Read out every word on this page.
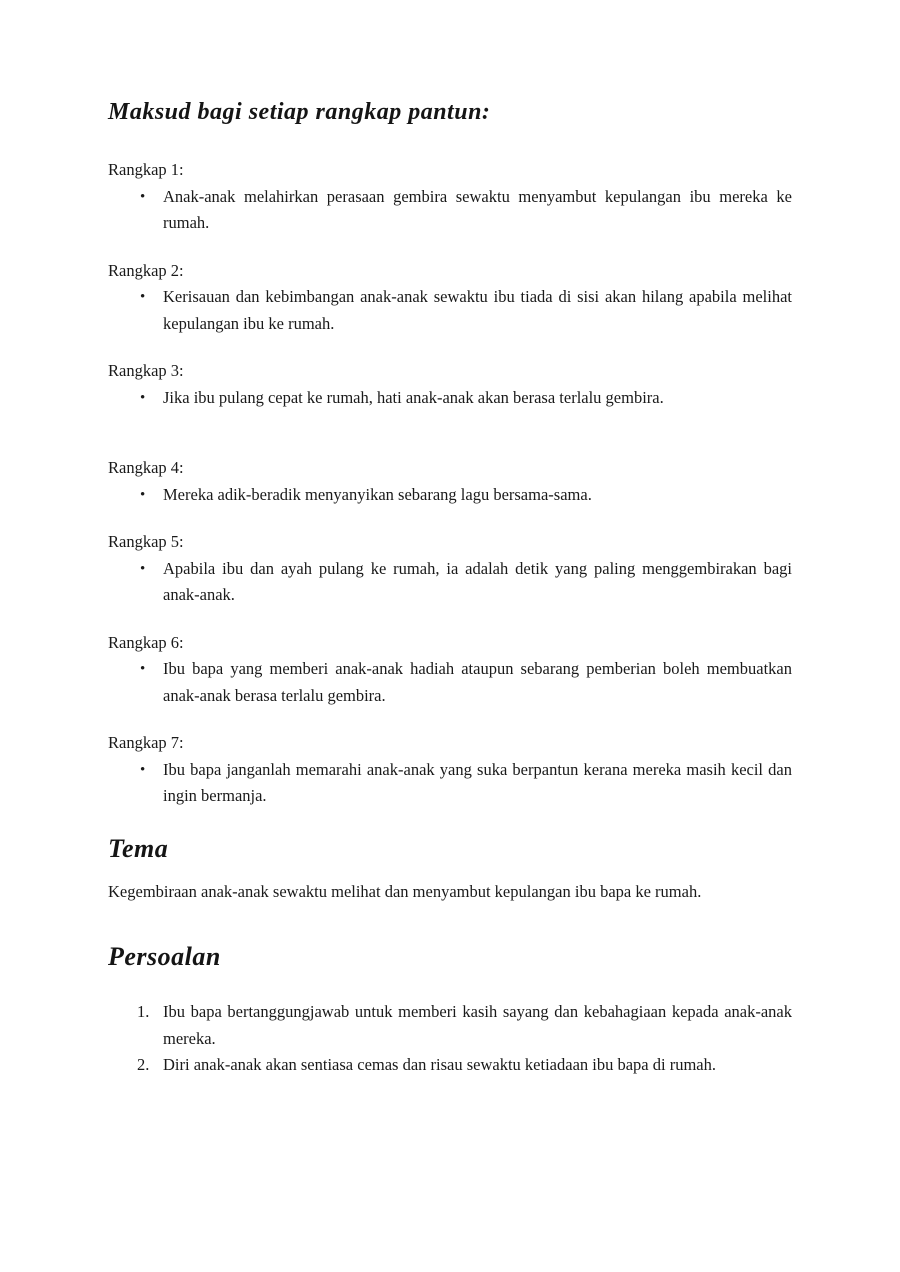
Maksud bagi setiap rangkap pantun:

Rangkap 1:

•	Anak-anak melahirkan perasaan gembira sewaktu menyambut kepulangan ibu mereka ke rumah.

Rangkap 2:

•	Kerisauan dan kebimbangan anak-anak sewaktu ibu tiada di sisi akan hilang apabila melihat kepulangan ibu ke rumah.

Rangkap 3:

•	Jika ibu pulang cepat ke rumah, hati anak-anak akan berasa terlalu gembira.

Rangkap 4:

•	Mereka adik-beradik menyanyikan sebarang lagu bersama-sama.

Rangkap 5:

•	Apabila ibu dan ayah pulang ke rumah, ia adalah detik yang paling menggembirakan bagi anak-anak.

Rangkap 6:

•	Ibu bapa yang memberi anak-anak hadiah ataupun sebarang pemberian boleh membuatkan anak-anak berasa terlalu gembira.

Rangkap 7:

•	Ibu bapa janganlah memarahi anak-anak yang suka berpantun kerana mereka masih kecil dan ingin bermanja.

Tema

Kegembiraan anak-anak sewaktu melihat dan menyambut kepulangan ibu bapa ke rumah.

Persoalan
1. Ibu bapa bertanggungjawab untuk memberi kasih sayang dan kebahagiaan kepada anak-anak mereka.

2. Diri anak-anak akan sentiasa cemas dan risau sewaktu ketiadaan ibu bapa di rumah.
